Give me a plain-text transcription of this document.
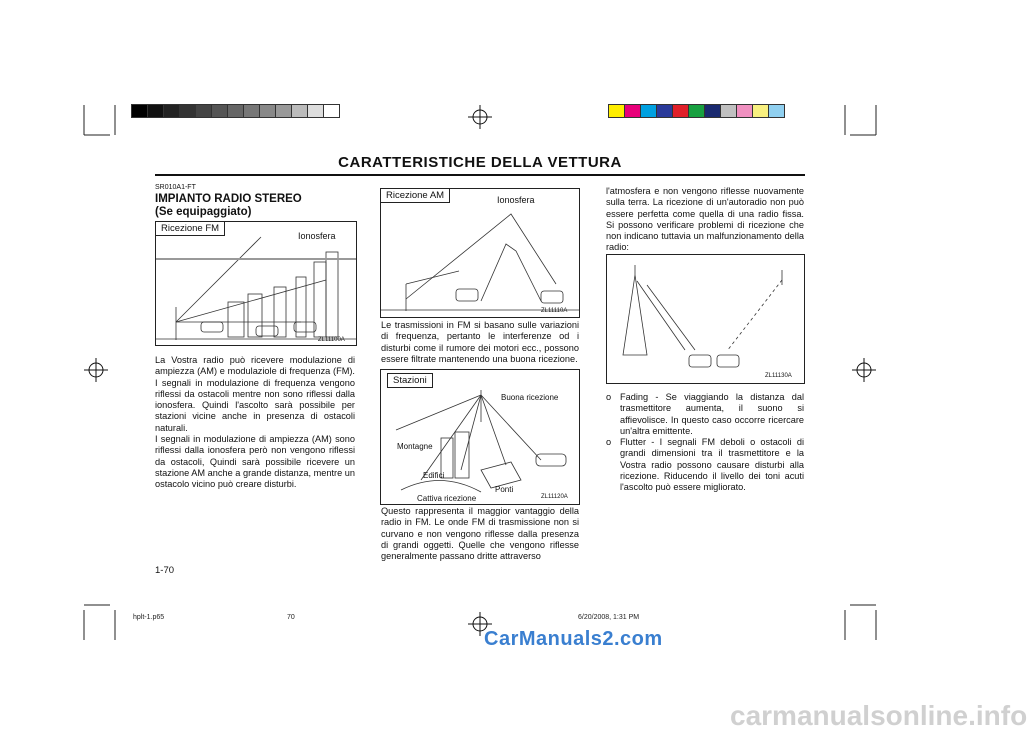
CARATTERISTICHE DELLA VETTURA
SR010A1-FT
IMPIANTO RADIO STEREO
(Se equipaggiato)
Ricezione FM
Ionosfera
ZL11100A
La Vostra radio può ricevere modulazione di ampiezza (AM) e modulaziole di frequenza (FM). I segnali in modulazione di frequenza vengono riflessi da ostacoli mentre non sono riflessi dalla ionosfera. Quindi l'ascolto sarà possibile per stazioni vicine anche in presenza di ostacoli naturali.
I segnali in modulazione di ampiezza (AM) sono riflessi dalla ionosfera però non vengono riflessi da ostacoli, Quindi sarà possibile ricevere un stazione AM anche a grande distanza, mentre un ostacolo vicino può creare disturbi.
Ricezione AM	Ionosfera
ZL11110A
Le trasmissioni in FM si basano sulle variazioni di frequenza, pertanto le interferenze od i disturbi come il rumore dei motori ecc., possono essere filtrate mantenendo una buona ricezione.
Stazioni
Buona ricezione
Montagne
Edifici
Ponti
Cattiva ricezione	ZL11120A
Questo rappresenta il maggior vantaggio della radio in FM. Le onde FM di trasmissione non si curvano e non vengono riflesse dalla presenza di grandi oggetti. Quelle che vengono riflesse generalmente passano dritte attraverso
l'atmosfera e non vengono riflesse nuovamente sulla terra. La ricezione di un'autoradio non può essere perfetta come quella di una radio fissa. Si possono verificare problemi di ricezione che non indicano tuttavia un malfunzionamento della radio:
ZL11130A
o Fading - Se viaggiando la distanza dal trasmettitore aumenta, il suono si affievolisce. In questo caso occorre ricercare un'altra emittente.
o Flutter - I segnali FM deboli o ostacoli di grandi dimensioni tra il trasmettitore e la Vostra radio possono causare disturbi alla ricezione. Riducendo il livello dei toni acuti l'ascolto può essere migliorato.
1-70
hplt-1.p65	70	6/20/2008, 1:31 PM
CarManuals2.com
carmanualsonline.info
